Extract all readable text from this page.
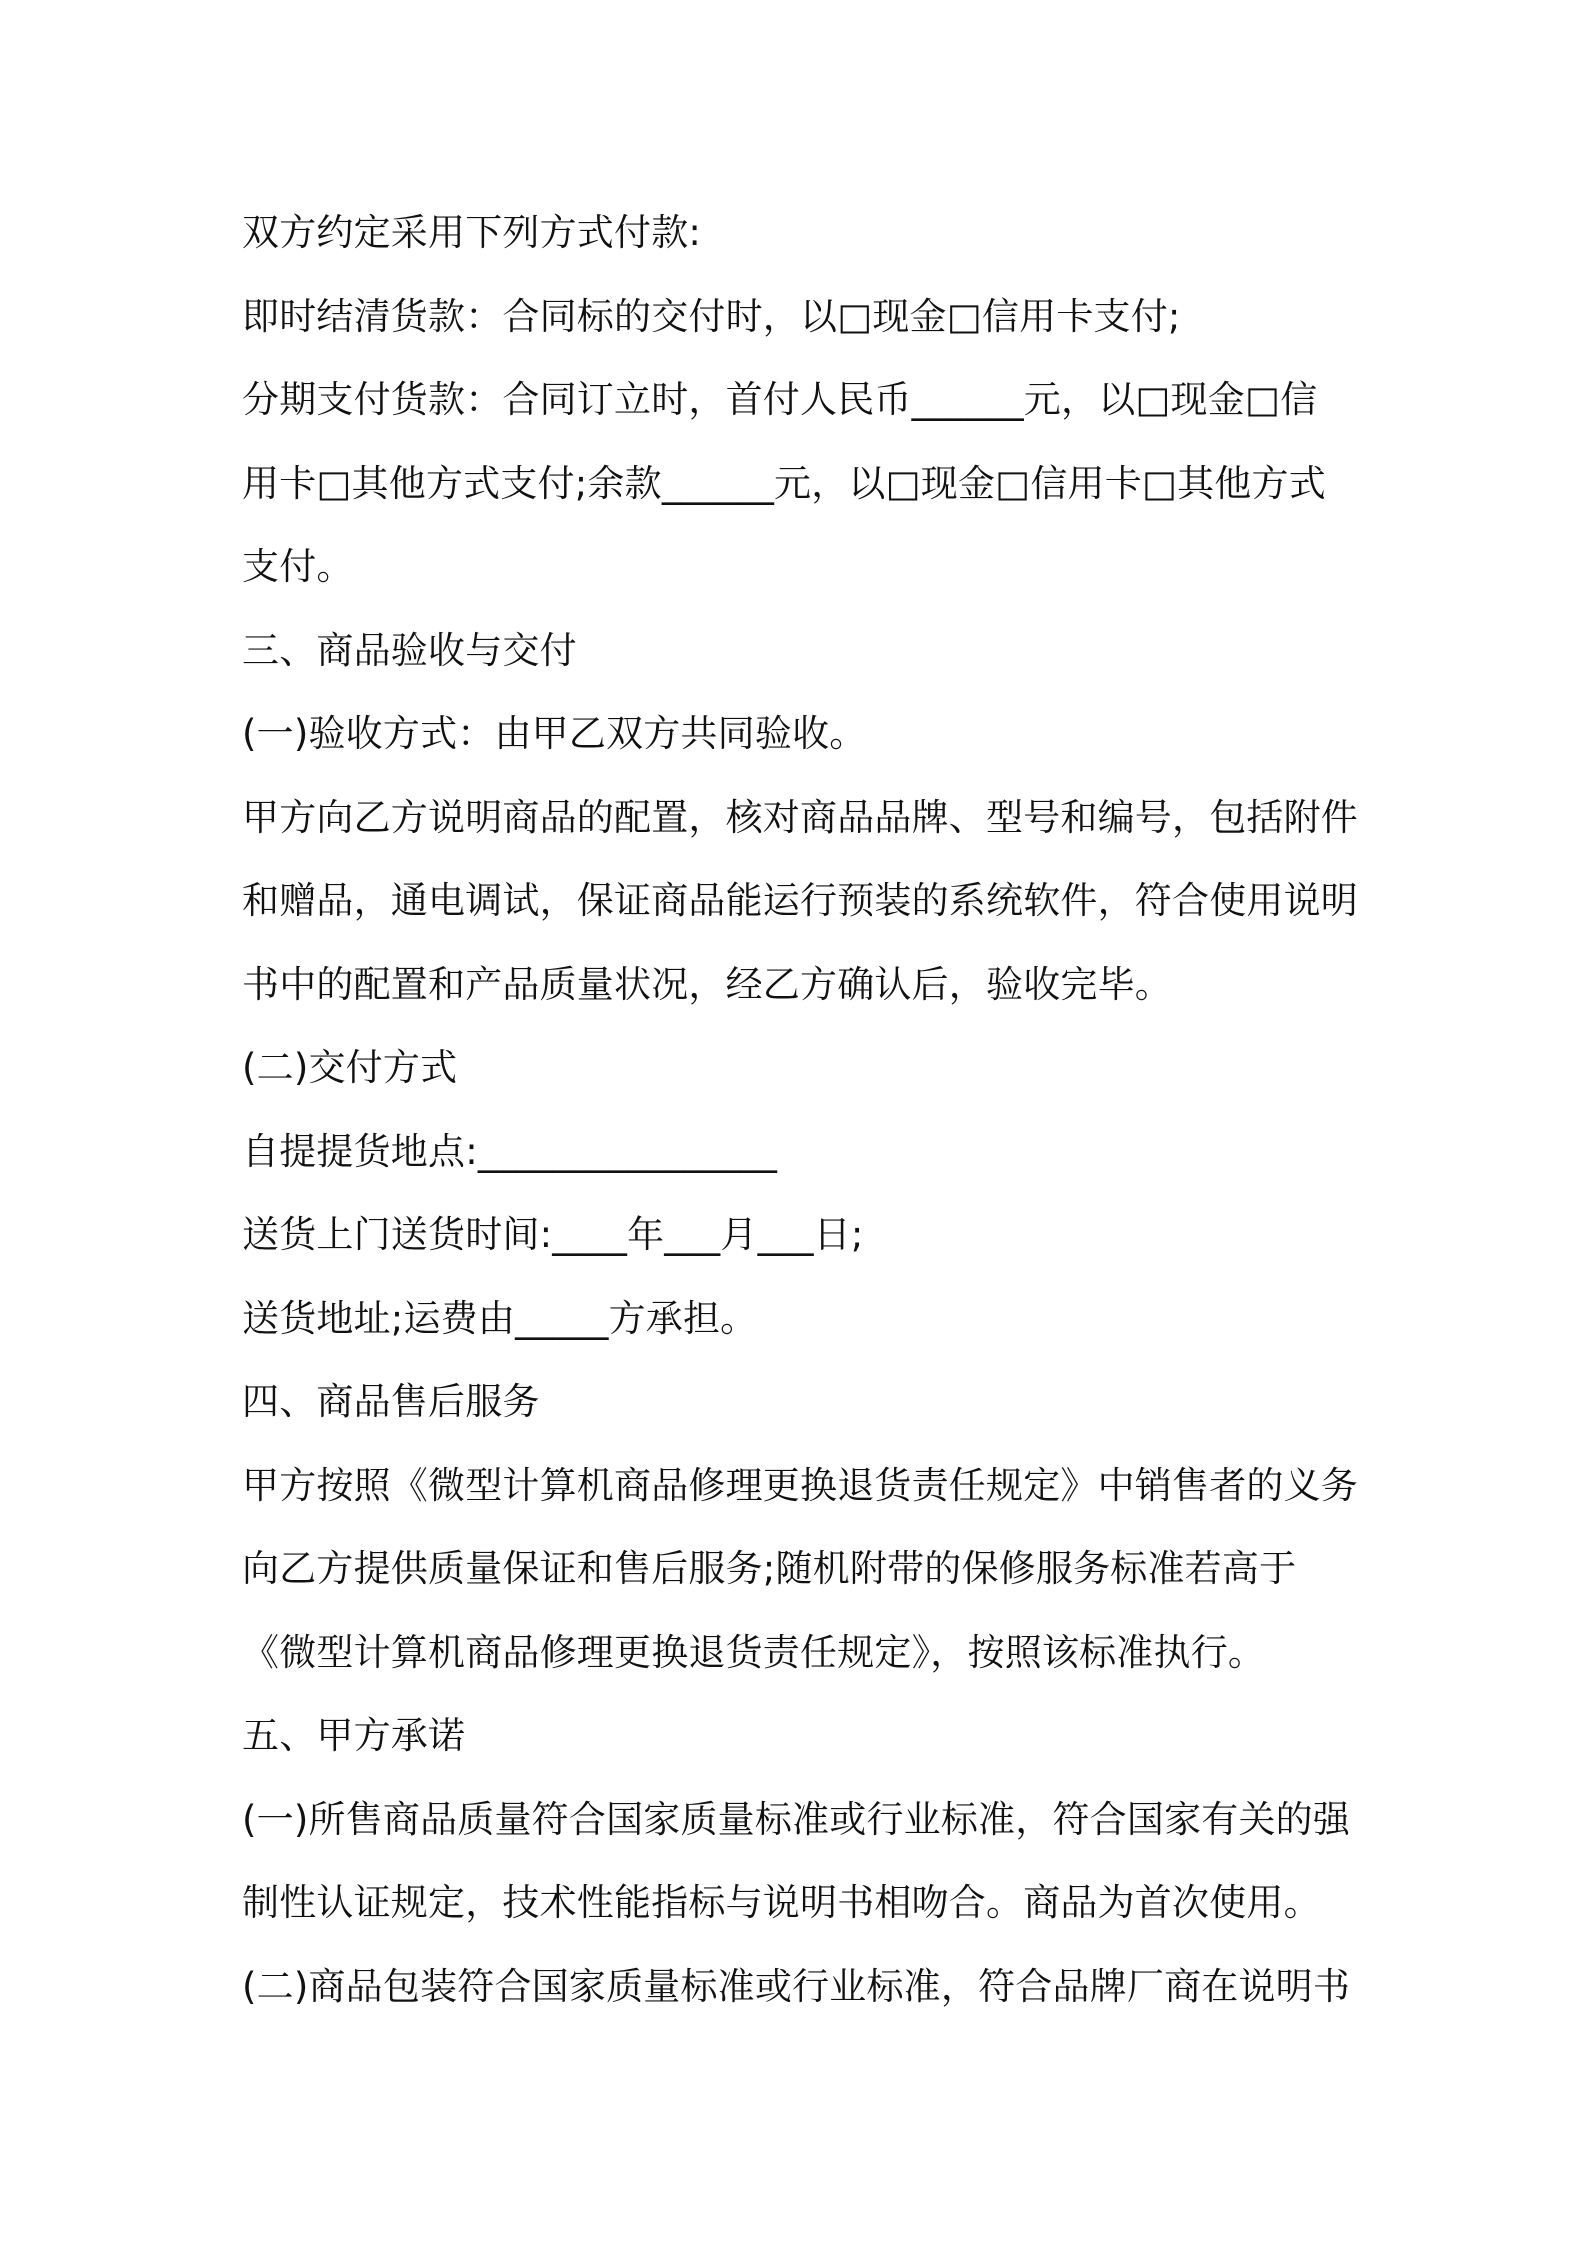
双方约定采用下列方式付款:
即时结清货款：合同标的交付时，以□现金□信用卡支付;
分期支付货款：合同订立时，首付人民币______元，以□现金□信
用卡□其他方式支付;余款______元，以□现金□信用卡□其他方式
支付。
三、商品验收与交付
(一)验收方式：由甲乙双方共同验收。
甲方向乙方说明商品的配置，核对商品品牌、型号和编号，包括附件
和赠品，通电调试，保证商品能运行预装的系统软件，符合使用说明
书中的配置和产品质量状况，经乙方确认后，验收完毕。
(二)交付方式
自提提货地点:________________
送货上门送货时间:____年___月___日;
送货地址;运费由_____方承担。
四、商品售后服务
甲方按照《微型计算机商品修理更换退货责任规定》中销售者的义务
向乙方提供质量保证和售后服务;随机附带的保修服务标准若高于
《微型计算机商品修理更换退货责任规定》，按照该标准执行。
五、甲方承诺
(一)所售商品质量符合国家质量标准或行业标准，符合国家有关的强
制性认证规定，技术性能指标与说明书相吻合。商品为首次使用。
(二)商品包装符合国家质量标准或行业标准，符合品牌厂商在说明书
